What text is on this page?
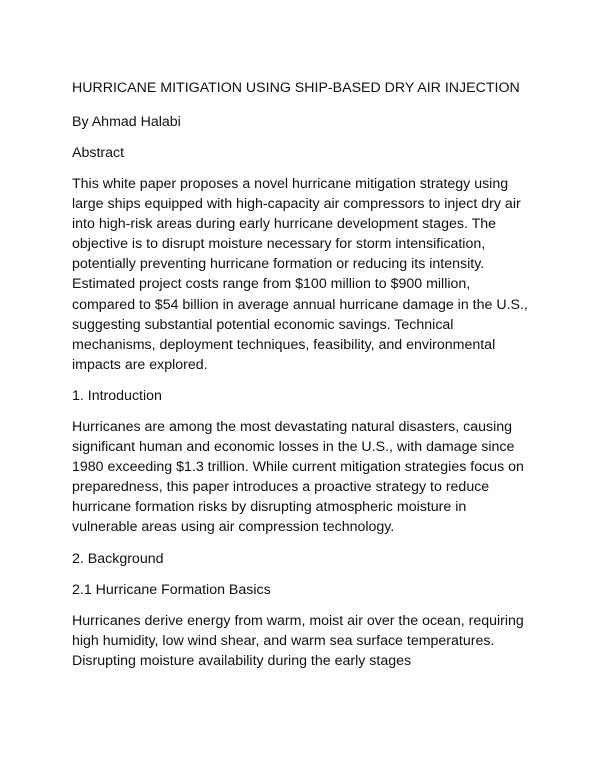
HURRICANE MITIGATION USING SHIP-BASED DRY AIR INJECTION
By Ahmad Halabi
Abstract
This white paper proposes a novel hurricane mitigation strategy using large ships equipped with high-capacity air compressors to inject dry air into high-risk areas during early hurricane development stages. The objective is to disrupt moisture necessary for storm intensification, potentially preventing hurricane formation or reducing its intensity. Estimated project costs range from $100 million to $900 million, compared to $54 billion in average annual hurricane damage in the U.S., suggesting substantial potential economic savings. Technical mechanisms, deployment techniques, feasibility, and environmental impacts are explored.
1. Introduction
Hurricanes are among the most devastating natural disasters, causing significant human and economic losses in the U.S., with damage since 1980 exceeding $1.3 trillion. While current mitigation strategies focus on preparedness, this paper introduces a proactive strategy to reduce hurricane formation risks by disrupting atmospheric moisture in vulnerable areas using air compression technology.
2. Background
2.1 Hurricane Formation Basics
Hurricanes derive energy from warm, moist air over the ocean, requiring high humidity, low wind shear, and warm sea surface temperatures. Disrupting moisture availability during the early stages
